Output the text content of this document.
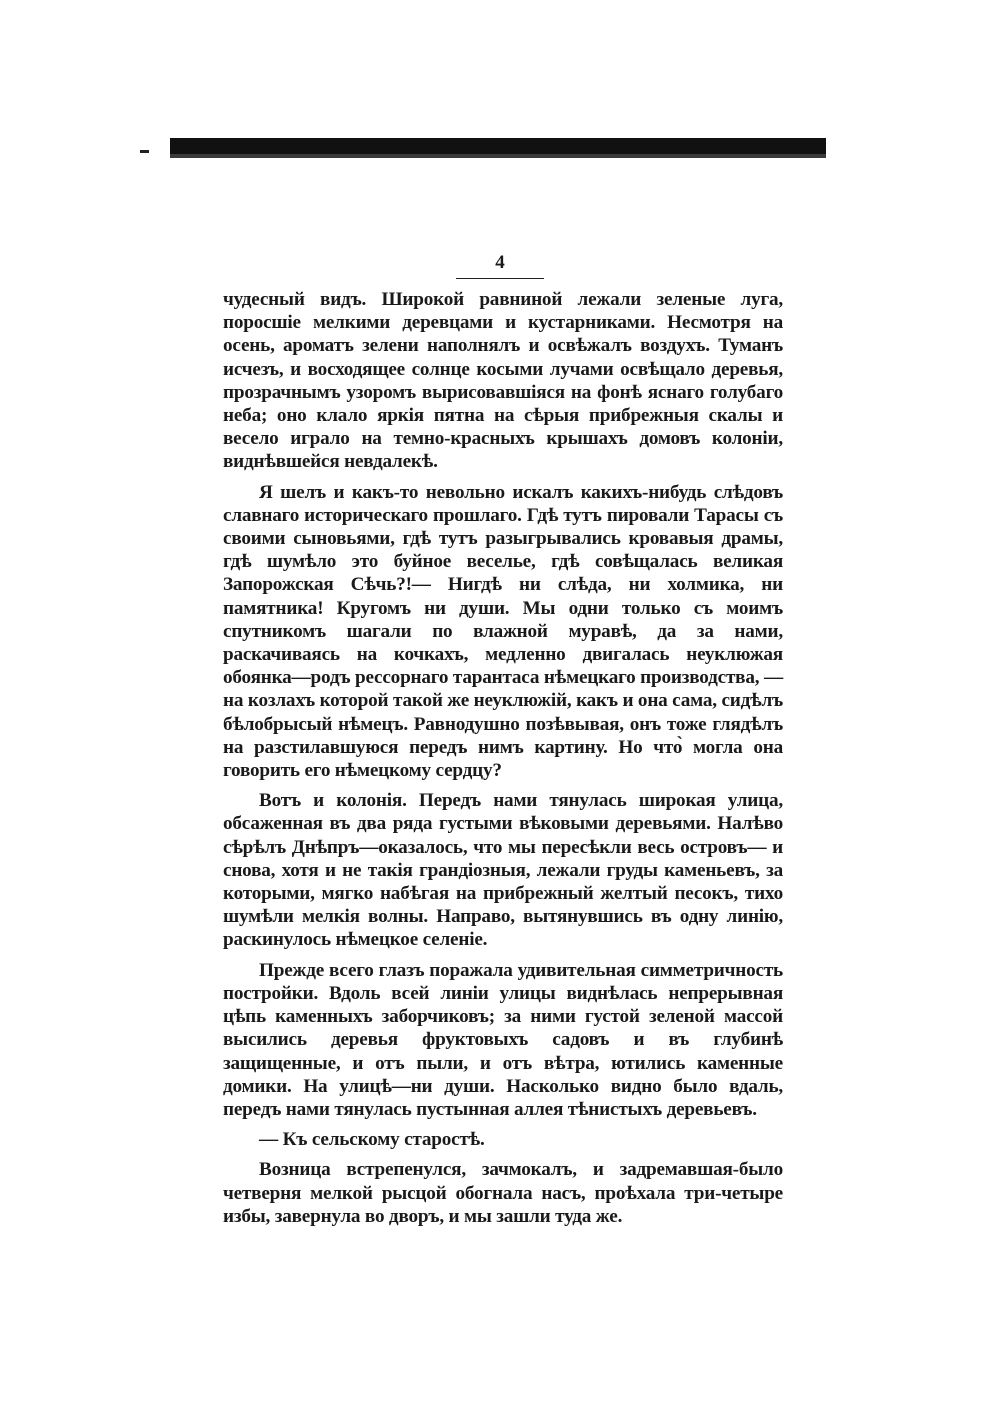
4

чудесный видъ. Широкой равниной лежали зеленые луга, поросшіе мелкими деревцами и кустарниками. Несмотря на осень, ароматъ зелени наполнялъ и освѣжалъ воздухъ. Туманъ исчезъ, и восходящее солнце косыми лучами освѣщало деревья, прозрачнымъ узоромъ вырисовавшіяся на фонѣ яснаго голубаго неба; оно клало яркія пятна на сѣрыя прибрежныя скалы и весело играло на темно-красныхъ крышахъ домовъ колоніи, виднѣвшейся невдалекѣ.

Я шелъ и какъ-то невольно искалъ какихъ-нибудь слѣдовъ славнаго историческаго прошлаго. Гдѣ тутъ пировали Тарасы съ своими сыновьями, гдѣ тутъ разыгрывались кровавыя драмы, гдѣ шумѣло это буйное веселье, гдѣ совѣщалась великая Запорожская Сѣчь?!— Нигдѣ ни слѣда, ни холмика, ни памятника! Кругомъ ни души. Мы одни только съ моимъ спутникомъ шагали по влажной муравѣ, да за нами, раскачиваясь на кочкахъ, медленно двигалась неуклюжая обоянка—родъ рессорнаго тарантаса нѣмецкаго производства, — на козлахъ которой такой же неуклюжій, какъ и она сама, сидѣлъ бѣлобрысый нѣмецъ. Равнодушно позѣвывая, онъ тоже глядѣлъ на разстилавшуюся передъ нимъ картину. Но что̀ могла она говорить его нѣмецкому сердцу?

Вотъ и колонія. Передъ нами тянулась широкая улица, обсаженная въ два ряда густыми вѣковыми деревьями. Налѣво сѣрѣлъ Днѣпръ—оказалось, что мы пересѣкли весь островъ— и снова, хотя и не такія грандіозныя, лежали груды каменьевъ, за которыми, мягко набѣгая на прибрежный желтый песокъ, тихо шумѣли мелкія волны. Направо, вытянувшись въ одну линію, раскинулось нѣмецкое селеніе.

Прежде всего глазъ поражала удивительная симметричность постройки. Вдоль всей линіи улицы виднѣлась непрерывная цѣпь каменныхъ заборчиковъ; за ними густой зеленой массой высились деревья фруктовыхъ садовъ и въ глубинѣ защищенные, и отъ пыли, и отъ вѣтра, ютились каменные домики. На улицѣ—ни души. Насколько видно было вдаль, передъ нами тянулась пустынная аллея тѣнистыхъ деревьевъ.

— Къ сельскому старостѣ.

Возница встрепенулся, зачмокалъ, и задремавшая-было четверня мелкой рысцой обогнала насъ, проѣхала три-четыре избы, завернула во дворъ, и мы зашли туда же.
